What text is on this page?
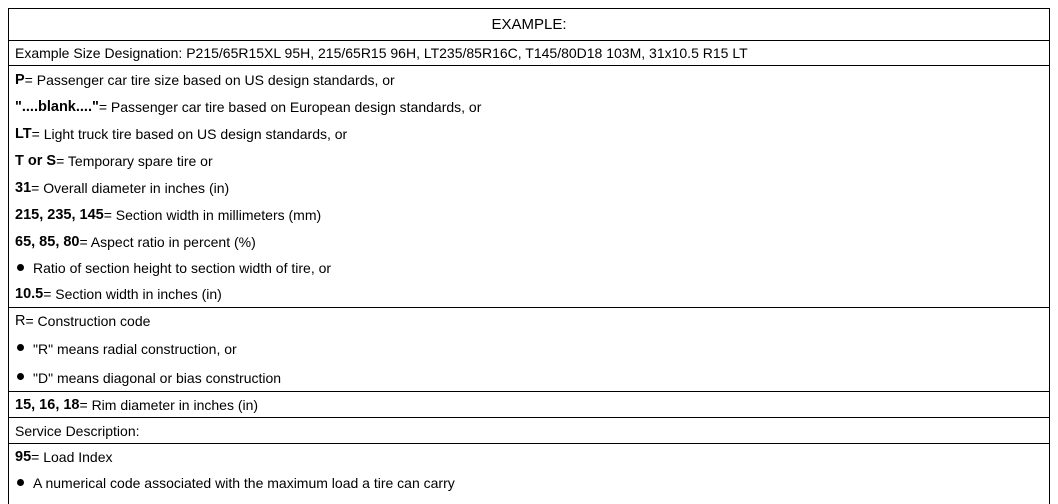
EXAMPLE:
Example Size Designation: P215/65R15XL 95H, 215/65R15 96H, LT235/85R16C, T145/80D18 103M, 31x10.5 R15 LT
P = Passenger car tire size based on US design standards, or
"....blank...." = Passenger car tire based on European design standards, or
LT = Light truck tire based on US design standards, or
T or S = Temporary spare tire or
31 = Overall diameter in inches (in)
215, 235, 145 = Section width in millimeters (mm)
65, 85, 80 = Aspect ratio in percent (%)
Ratio of section height to section width of tire, or
10.5 = Section width in inches (in)
R = Construction code
"R" means radial construction, or
"D" means diagonal or bias construction
15, 16, 18 = Rim diameter in inches (in)
Service Description:
95 = Load Index
A numerical code associated with the maximum load a tire can carry
